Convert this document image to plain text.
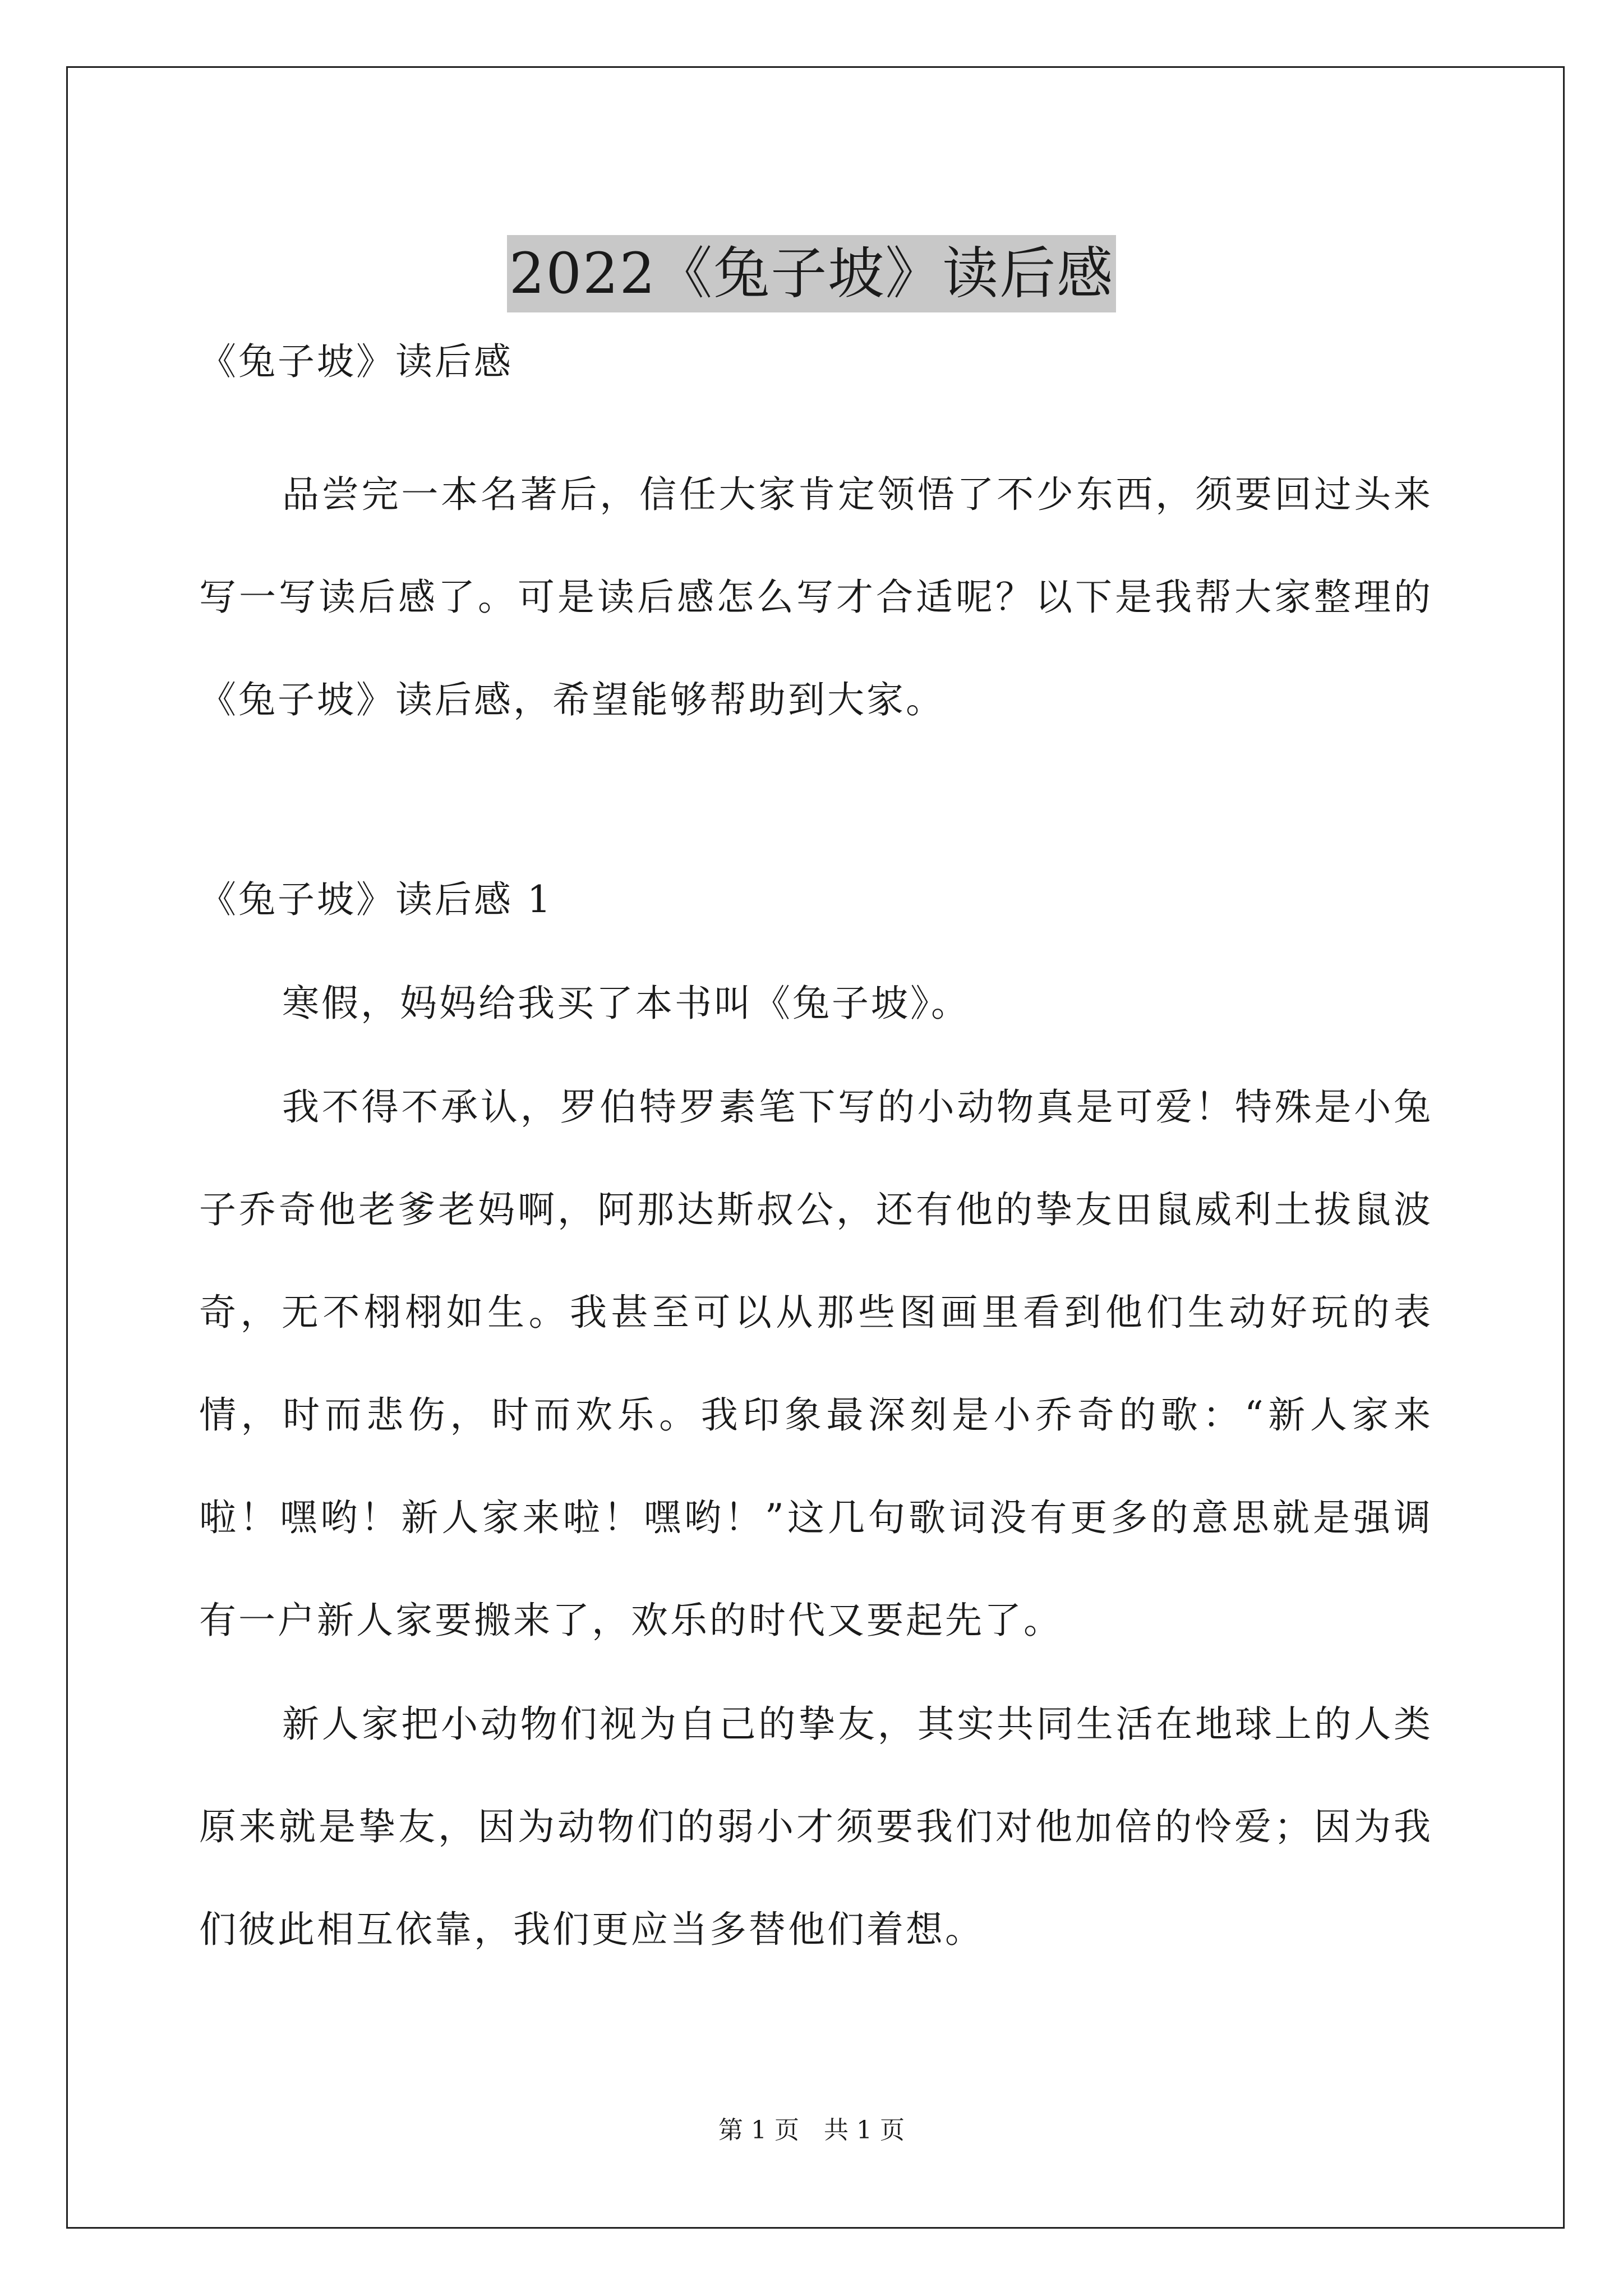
2022《兔子坡》读后感

《兔子坡》读后感

品尝完一本名著后，信任大家肯定领悟了不少东西，须要回过头来写一写读后感了。可是读后感怎么写才合适呢？以下是我帮大家整理的《兔子坡》读后感，希望能够帮助到大家。

《兔子坡》读后感 1

寒假，妈妈给我买了本书叫《兔子坡》。

我不得不承认，罗伯特罗素笔下写的小动物真是可爱！特殊是小兔子乔奇他老爹老妈啊，阿那达斯叔公，还有他的挚友田鼠威利土拔鼠波奇，无不栩栩如生。我甚至可以从那些图画里看到他们生动好玩的表情，时而悲伤，时而欢乐。我印象最深刻是小乔奇的歌：“新人家来啦！嘿哟！新人家来啦！嘿哟！”这几句歌词没有更多的意思就是强调有一户新人家要搬来了，欢乐的时代又要起先了。

新人家把小动物们视为自己的挚友，其实共同生活在地球上的人类原来就是挚友，因为动物们的弱小才须要我们对他加倍的怜爱；因为我们彼此相互依靠，我们更应当多替他们着想。

第 1 页 共 1 页
